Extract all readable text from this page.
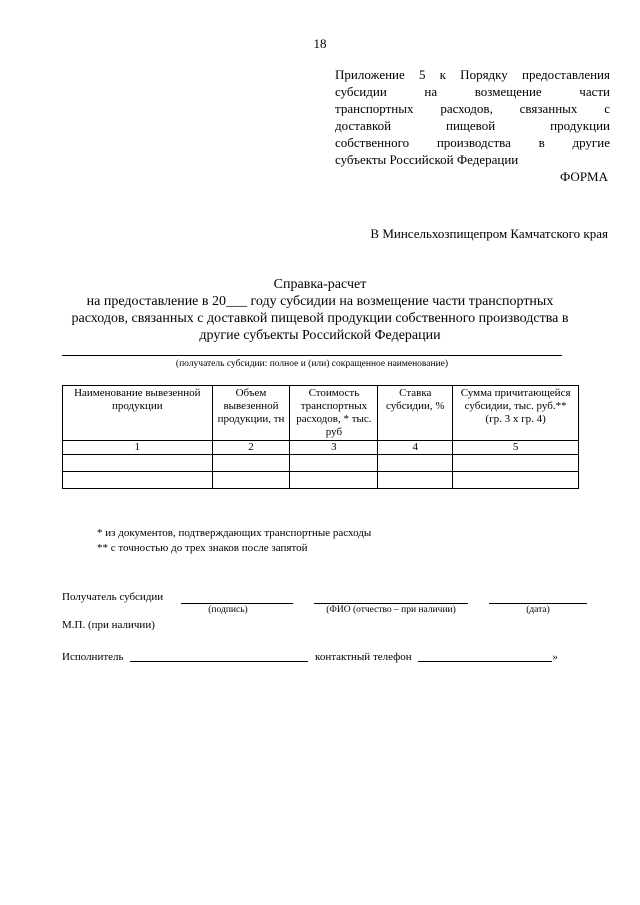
18
Приложение 5 к Порядку предоставления
субсидии на возмещение части
транспортных расходов, связанных с
доставкой пищевой продукции
собственного производства в другие
субъекты Российской Федерации
ФОРМА
В Минсельхозпищепром Камчатского края
Справка-расчет
на предоставление в 20___ году субсидии на возмещение части транспортных
расходов, связанных с доставкой пищевой продукции собственного производства в
другие субъекты Российской Федерации
(получатель субсидии: полное и (или) сокращенное наименование)
Наименование вывезенной продукции	Объем вывезенной продукции, тн	Стоимость транспортных расходов, * тыс. руб	Ставка субсидии, %	Сумма причитающейся субсидии, тыс. руб.** (гр. 3 х гр. 4)
1	2	3	4	5

* из документов, подтверждающих транспортные расходы
** с точностью до трех знаков после запятой
Получатель субсидии
(подпись)	(ФИО (отчество – при наличии)	(дата)
М.П. (при наличии)
Исполнитель	контактный телефон	»
